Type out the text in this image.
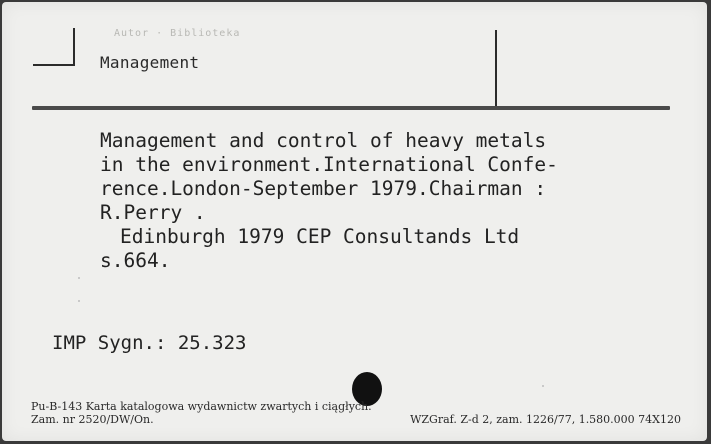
Autor · Biblioteka
Management
Management and control of heavy metals
in the environment.International Confe-
rence.London-September 1979.Chairman :
R.Perry .
Edinburgh 1979 CEP Consultands Ltd
s.664.
IMP Sygn.: 25.323
Pu-B-143 Karta katalogowa wydawnictw zwartych i ciągłych.
Zam. nr 2520/DW/On.	WZGraf. Z-d 2, zam. 1226/77, 1.580.000 74X120
